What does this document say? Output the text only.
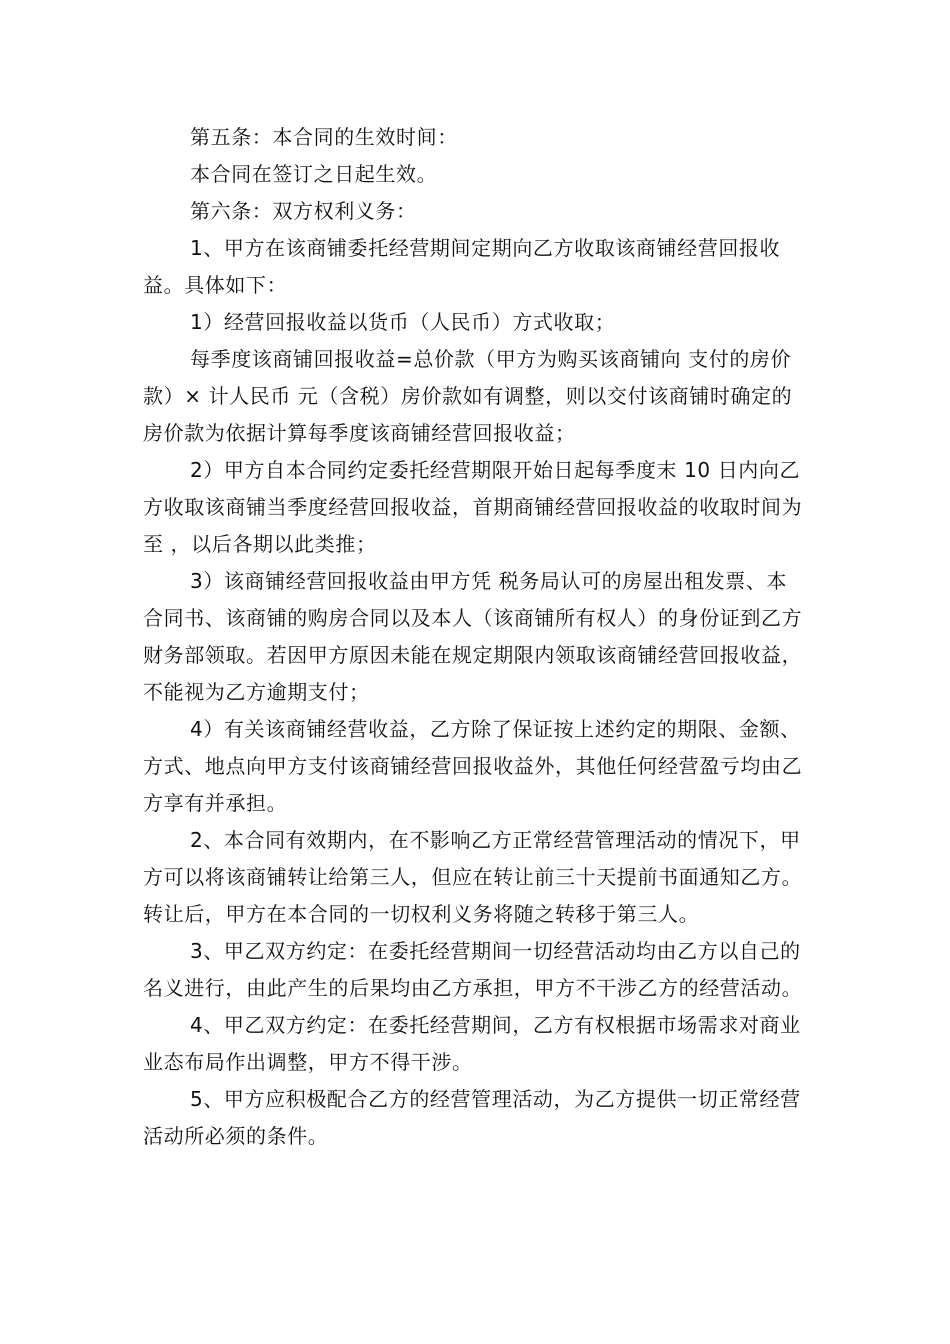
第五条：本合同的生效时间：

本合同在签订之日起生效。

第六条：双方权利义务：

1、甲方在该商铺委托经营期间定期向乙方收取该商铺经营回报收益。具体如下：

1）经营回报收益以货币（人民币）方式收取；

每季度该商铺回报收益=总价款（甲方为购买该商铺向 支付的房价款）× 计人民币 元（含税）房价款如有调整，则以交付该商铺时确定的房价款为依据计算每季度该商铺经营回报收益；

2）甲方自本合同约定委托经营期限开始日起每季度末 10 日内向乙方收取该商铺当季度经营回报收益，首期商铺经营回报收益的收取时间为 至 ，以后各期以此类推；

3）该商铺经营回报收益由甲方凭 税务局认可的房屋出租发票、本合同书、该商铺的购房合同以及本人（该商铺所有权人）的身份证到乙方财务部领取。若因甲方原因未能在规定期限内领取该商铺经营回报收益，不能视为乙方逾期支付；

4）有关该商铺经营收益，乙方除了保证按上述约定的期限、金额、方式、地点向甲方支付该商铺经营回报收益外，其他任何经营盈亏均由乙方享有并承担。

2、本合同有效期内，在不影响乙方正常经营管理活动的情况下，甲方可以将该商铺转让给第三人，但应在转让前三十天提前书面通知乙方。转让后，甲方在本合同的一切权利义务将随之转移于第三人。

3、甲乙双方约定：在委托经营期间一切经营活动均由乙方以自己的名义进行，由此产生的后果均由乙方承担，甲方不干涉乙方的经营活动。

4、甲乙双方约定：在委托经营期间，乙方有权根据市场需求对商业业态布局作出调整，甲方不得干涉。

5、甲方应积极配合乙方的经营管理活动，为乙方提供一切正常经营活动所必须的条件。
